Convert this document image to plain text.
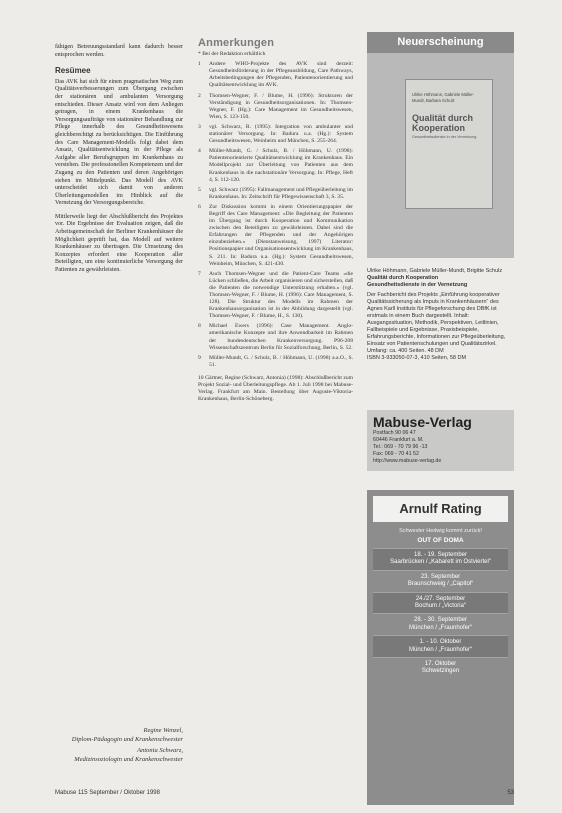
fähigen Betreuungsstandard kann dadurch besser entsprochen werden.

Resümee

Das AVK hat sich für einen pragmatischen Weg zum Qualitätsverbesserungen zum Übergang zwischen der stationären und ambulanten Versorgung entschieden. Dieser Ansatz wird von dem Anliegen getragen, in einem Krankenhaus die Versorgungsaufträge von stationärer Behandlung zur Pflege innerhalb des Gesundheitswesens gleichberechtigt zu berücksichtigen. Die Einführung des Care Management-Modells folgt dabei dem Ansatz, Qualitätsentwicklung in der Pflege als Aufgabe aller Berufsgruppen im Krankenhaus zu verstehen. Die professionellen Kompetenzen und der Zugang zu den Patienten und deren Angehörigen stehen im Mittelpunkt. Das Modell des AVK unterscheidet sich damit von anderen Überleitungsmodellen im Hinblick auf die Vernetzung der Versorgungsbereiche.

Mittlerweile liegt der Abschlußbericht des Projektes vor. Die Ergebnisse der Evaluation zeigen, daß die Arbeitsgemeinschaft der Berliner Krankenhäuser die Möglichkeit geprüft hat, das Modell auf weitere Krankenhäuser zu übertragen. Die Umsetzung des Konzeptes erfordert eine Kooperation aller Beteiligten, um eine kontinuierliche Versorgung der Patienten zu gewährleisten.

Regine Wenzel,
Diplom-Pädagogin und Krankenschwester
Antonia Schwarz,
Medizinsoziologin und Krankenschwester
Anmerkungen
* Bei der Redaktion erhältlich
1	Andere WHO-Projekte des AVK sind derzeit: Gesundheitsförderung in der Pflegeausbildung, Care Pathways, Arbeitsbedingungen der Pflegenden, Patientenorientierung und Qualitätsentwicklung im AVK.
2	Thomsen-Wegner, F. / Blume, H. (1996): Strukturen der Verständigung in Gesundheitsorganisationen. In: Thomsen-Wegner, F. (Hg.): Care Management im Gesundheitswesen, Wien, S. 123-150.
3	vgl. Schwarz, R. (1995): Integration von ambulanter und stationärer Versorgung. In: Badura u.a. (Hg.): System Gesundheitswesen, Weinheim und München, S. 255-264.
4	Müller-Mundt, G. / Schulz, B. / Höhmann, U. (1998): Patientenorientierte Qualitätsentwicklung im Krankenhaus. Ein Modellprojekt zur Überleitung von Patienten aus dem Krankenhaus in die nachstationäre Versorgung. In: Pflege, Heft 4, S. 112-120.
5	vgl. Schwarz (1995): Fallmanagement und Pflegeüberleitung im Krankenhaus. In: Zeitschrift für Pflegewissenschaft 3, S. 35.
6	Zur Diskussion kommt in einem Orientierungspapier der Begriff des Care Management: »Die Begleitung der Patienten im Übergang ist durch Kooperation und Kommunikation zwischen den Beteiligten zu gewährleisten. Dabei sind die Erfahrungen der Pflegenden und der Angehörigen einzubeziehen.« (Dienstanweisung, 1997) Literatur: Positionspapier und Organisationsentwicklung im Krankenhaus, S. 211. In: Badura u.a. (Hg.): System Gesundheitswesen, Weinheim, München, S. 421-430.
7	Auch Thomsen-Wegner und die Patient-Care Teams »die Lücken schließen, die Arbeit organisieren und sicherstellen, daß die Patienten die notwendige Unterstützung erhalten.« (vgl. Thomsen-Wegner, F. / Blume, H. (1996): Care Management, S. 128). Die Struktur des Modells im Rahmen der Krankenhausorganisation ist in der Abbildung dargestellt (vgl. Thomsen-Wegner, F. / Blume, H., S. 130).
8	Michael Ewers (1996): Case Management. Anglo-amerikanische Konzepte und ihre Anwendbarkeit im Rahmen der bundesdeutschen Krankenversorgung. P96-208 Wissenschaftszentrum Berlin für Sozialforschung, Berlin, S. 52.
9	Müller-Mundt, G. / Schulz, B. / Höhmann, U. (1998) a.a.O., S. 51.
10 Gärtner, Regine (Schwarz, Antonia) (1998): Abschlußbericht zum Projekt Sozial- und Überleitungspflege. Ab 1. Juli 1998 bei Mabuse-Verlag. Frankfurt am Main. Bestellung über Auguste-Viktoria-Krankenhaus, Berlin-Schöneberg.
Neuerscheinung
Ulrike Höhmann, Gabriele Müller-Mundt, Barbara Schulz
Qualität durch Kooperation
Gesundheitsdienste in der Vernetzung
Ulrike Höhmann, Gabriele Müller-Mundt, Brigitte Schulz
Qualität durch Kooperation
Gesundheitsdienste in der Vernetzung
Der Fachbericht des Projekts „Einführung kooperativer Qualitätssicherung als Impuls in Krankenhäusern“ des Agnes Karll Instituts für Pflegeforschung des DBfK ist erstmals in einem Buch dargestellt. Inhalt: Ausgangssituation, Methodik, Perspektiven, Leitlinien, Fallbeispiele und Ergebnisse, Praxisbeispiele, Erfahrungsberichte, Informationen zur Pflegeüberleitung, Einsatz von Patientenschulungen und Qualitätszirkel. Umfang: ca. 400 Seiten. 48 DM
ISBN 3-933050-07-3, 410 Seiten, 58 DM
Mabuse-Verlag
Postfach 90 06 47
60446 Frankfurt a. M.
Tel.: 069 - 70 79 96 -13
Fax: 069 - 70 41 52
http://www.mabuse-verlag.de
Arnulf Rating
Schwester Hedwig kommt zurück!
OUT OF DOMA
18. - 19. September
Saarbrücken / „Kabarett im Ostviertel“
23. September
Braunschweig / „Capitol“
24./27. September
Bochum / „Victoria“
28. - 30. September
München / „Fraunhofer“
1. - 10. Oktober
München / „Fraunhofer“
17. Oktober
Schwetzingen
Mabuse 115 September / Oktober 1998	53
